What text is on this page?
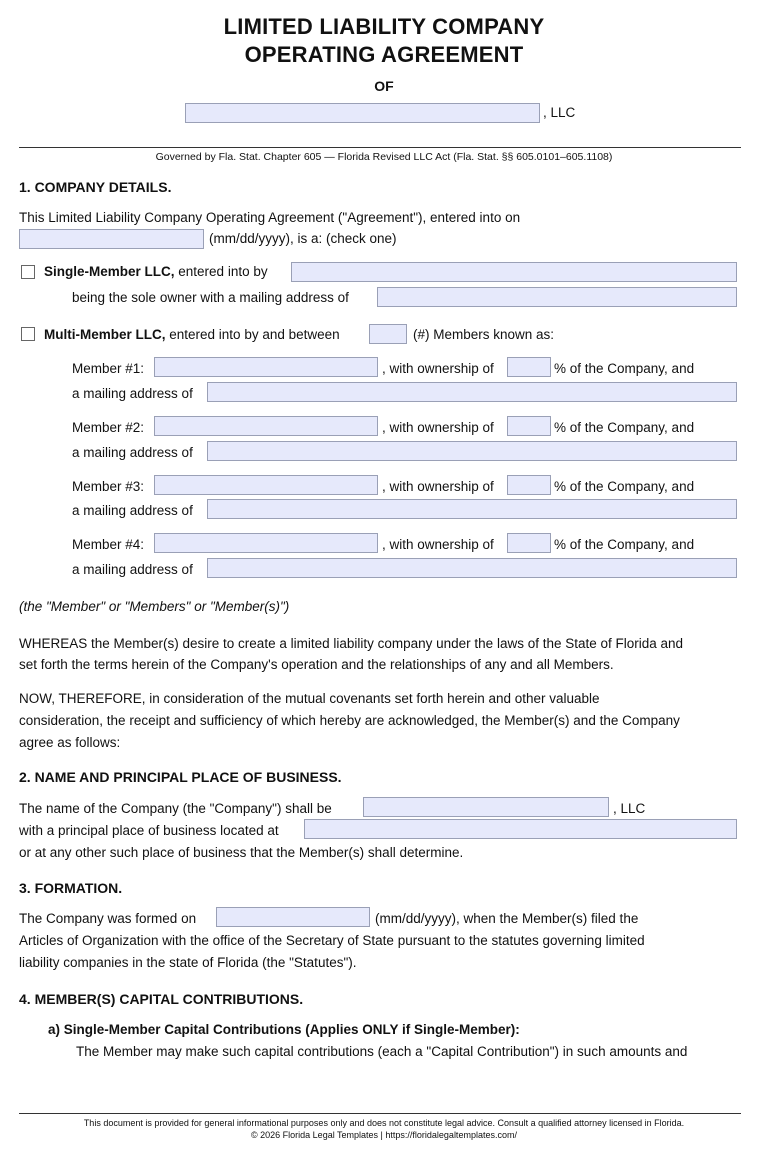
LIMITED LIABILITY COMPANY
OPERATING AGREEMENT
OF
, LLC
Governed by Fla. Stat. Chapter 605 — Florida Revised LLC Act (Fla. Stat. §§ 605.0101–605.1108)
1. COMPANY DETAILS.
This Limited Liability Company Operating Agreement ("Agreement"), entered into on
(mm/dd/yyyy), is a: (check one)
Single-Member LLC, entered into by
being the sole owner with a mailing address of
Multi-Member LLC, entered into by and between	(#) Members known as:
Member #1:	, with ownership of	% of the Company, and
a mailing address of
Member #2:	, with ownership of	% of the Company, and
a mailing address of
Member #3:	, with ownership of	% of the Company, and
a mailing address of
Member #4:	, with ownership of	% of the Company, and
a mailing address of
(the "Member" or "Members" or "Member(s)")
WHEREAS the Member(s) desire to create a limited liability company under the laws of the State of Florida and
set forth the terms herein of the Company's operation and the relationships of any and all Members.
NOW, THEREFORE, in consideration of the mutual covenants set forth herein and other valuable
consideration, the receipt and sufficiency of which hereby are acknowledged, the Member(s) and the Company
agree as follows:
2. NAME AND PRINCIPAL PLACE OF BUSINESS.
The name of the Company (the "Company") shall be	, LLC
with a principal place of business located at
or at any other such place of business that the Member(s) shall determine.
3. FORMATION.
The Company was formed on	(mm/dd/yyyy), when the Member(s) filed the
Articles of Organization with the office of the Secretary of State pursuant to the statutes governing limited
liability companies in the state of Florida (the "Statutes").
4. MEMBER(S) CAPITAL CONTRIBUTIONS.
a) Single-Member Capital Contributions (Applies ONLY if Single-Member):
The Member may make such capital contributions (each a "Capital Contribution") in such amounts and
This document is provided for general informational purposes only and does not constitute legal advice. Consult a qualified attorney licensed in Florida.
© 2026 Florida Legal Templates | https://floridalegaltemplates.com/
